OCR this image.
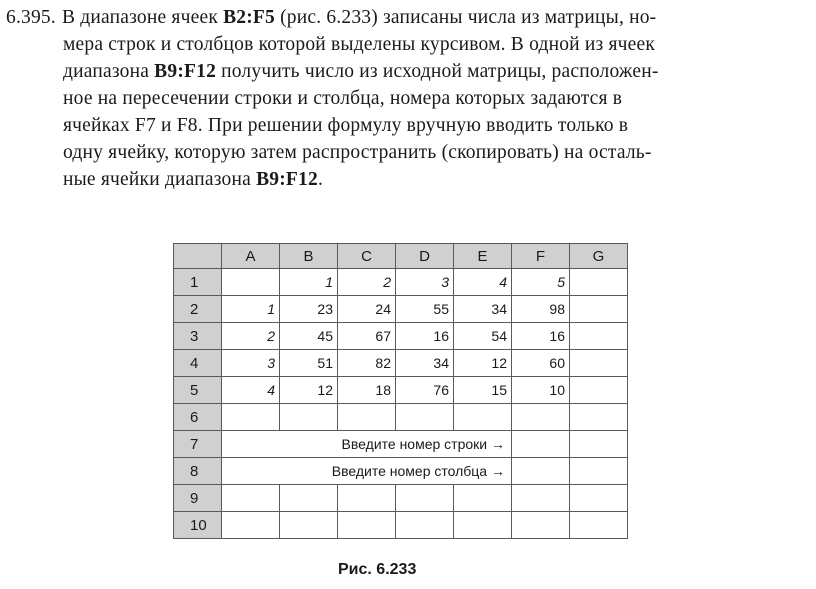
6.395. В диапазоне ячеек B2:F5 (рис. 6.233) записаны числа из матрицы, но-
мера строк и столбцов которой выделены курсивом. В одной из ячеек
диапазона B9:F12 получить число из исходной матрицы, расположен-
ное на пересечении строки и столбца, номера которых задаются в
ячейках F7 и F8. При решении формулу вручную вводить только в
одну ячейку, которую затем распространить (скопировать) на осталь-
ные ячейки диапазона B9:F12.
	A	B	C	D	E	F	G
1		1	2	3	4	5	
2	1	23	24	55	34	98	
3	2	45	67	16	54	16	
4	3	51	82	34	12	60	
5	4	12	18	76	15	10	
6							
7	Введите номер строки →						
8	Введите номер столбца →						
9							
10							
Рис. 6.233
